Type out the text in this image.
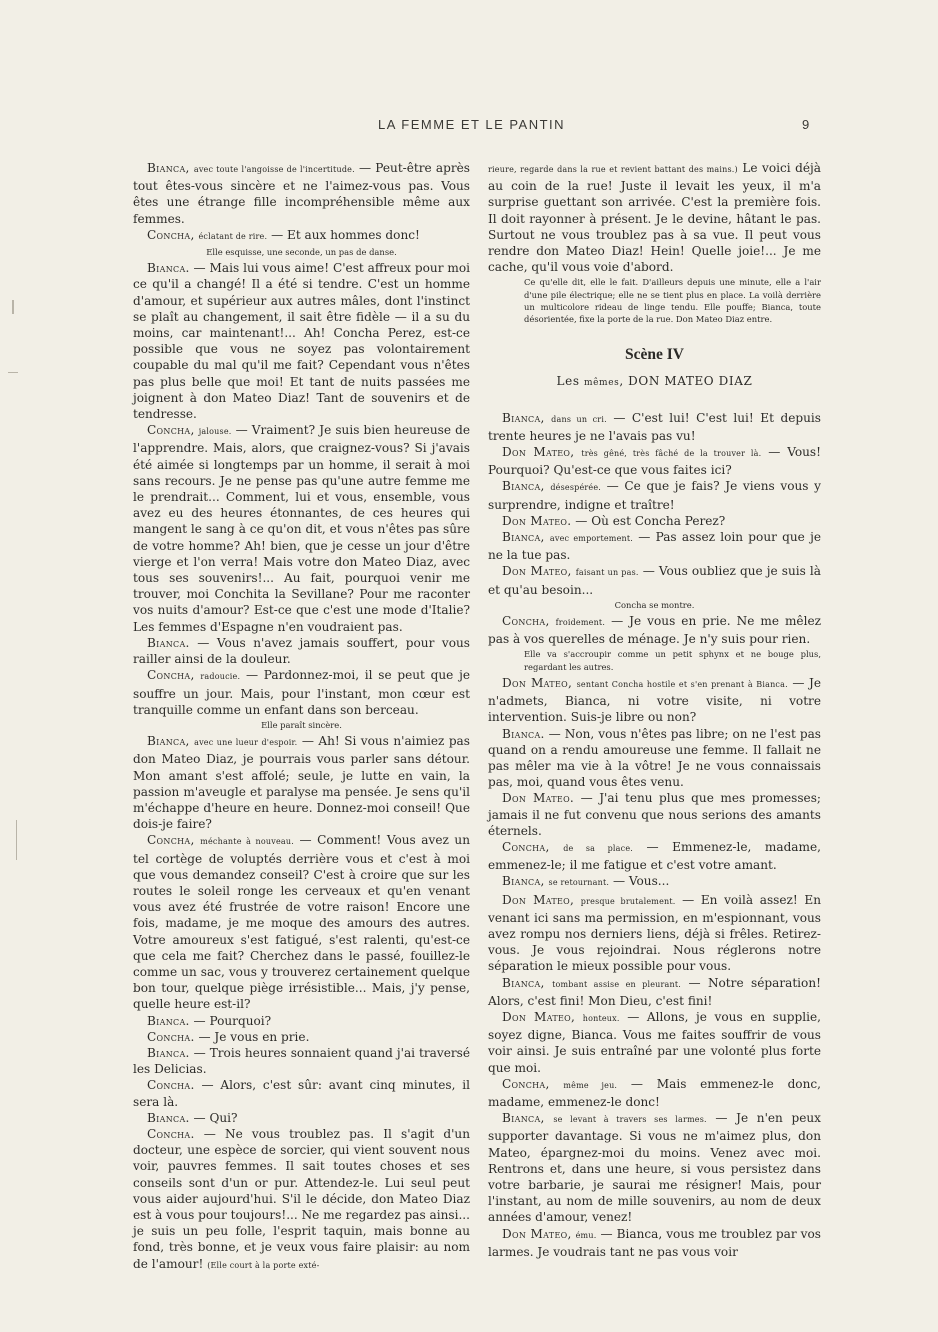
LA FEMME ET LE PANTIN	9

Bianca, avec toute l'angoisse de l'incertitude. — Peut-être après tout êtes-vous sincère et ne l'aimez-vous pas. Vous êtes une étrange fille incompréhensible même aux femmes.

Concha, éclatant de rire. — Et aux hommes donc!

Elle esquisse, une seconde, un pas de danse.

Bianca. — Mais lui vous aime! C'est affreux pour moi ce qu'il a changé! Il a été si tendre. C'est un homme d'amour, et supérieur aux autres mâles, dont l'instinct se plaît au changement, il sait être fidèle — il a su du moins, car maintenant!... Ah! Concha Perez, est-ce possible que vous ne soyez pas volontairement coupable du mal qu'il me fait? Cependant vous n'êtes pas plus belle que moi! Et tant de nuits passées me joignent à don Mateo Diaz! Tant de souvenirs et de tendresse.

Concha, jalouse. — Vraiment? Je suis bien heureuse de l'apprendre. Mais, alors, que craignez-vous? Si j'avais été aimée si longtemps par un homme, il serait à moi sans recours. Je ne pense pas qu'une autre femme me le prendrait... Comment, lui et vous, ensemble, vous avez eu des heures étonnantes, de ces heures qui mangent le sang à ce qu'on dit, et vous n'êtes pas sûre de votre homme? Ah! bien, que je cesse un jour d'être vierge et l'on verra! Mais votre don Mateo Diaz, avec tous ses souvenirs!... Au fait, pourquoi venir me trouver, moi Conchita la Sevillane? Pour me raconter vos nuits d'amour? Est-ce que c'est une mode d'Italie? Les femmes d'Espagne n'en voudraient pas.

Bianca. — Vous n'avez jamais souffert, pour vous railler ainsi de la douleur.

Concha, radoucie. — Pardonnez-moi, il se peut que je souffre un jour. Mais, pour l'instant, mon cœur est tranquille comme un enfant dans son berceau.

Elle paraît sincère.

Bianca, avec une lueur d'espoir. — Ah! Si vous n'aimiez pas don Mateo Diaz, je pourrais vous parler sans détour. Mon amant s'est affolé; seule, je lutte en vain, la passion m'aveugle et paralyse ma pensée. Je sens qu'il m'échappe d'heure en heure. Donnez-moi conseil! Que dois-je faire?

Concha, méchante à nouveau. — Comment! Vous avez un tel cortège de voluptés derrière vous et c'est à moi que vous demandez conseil? C'est à croire que sur les routes le soleil ronge les cerveaux et qu'en venant vous avez été frustrée de votre raison! Encore une fois, madame, je me moque des amours des autres. Votre amoureux s'est fatigué, s'est ralenti, qu'est-ce que cela me fait? Cherchez dans le passé, fouillez-le comme un sac, vous y trouverez certainement quelque bon tour, quelque piège irrésistible... Mais, j'y pense, quelle heure est-il?

Bianca. — Pourquoi?

Concha. — Je vous en prie.

Bianca. — Trois heures sonnaient quand j'ai traversé les Delicias.

Concha. — Alors, c'est sûr: avant cinq minutes, il sera là.

Bianca. — Qui?

Concha. — Ne vous troublez pas. Il s'agit d'un docteur, une espèce de sorcier, qui vient souvent nous voir, pauvres femmes. Il sait toutes choses et ses conseils sont d'un or pur. Attendez-le. Lui seul peut vous aider aujourd'hui. S'il le décide, don Mateo Diaz est à vous pour toujours!... Ne me regardez pas ainsi... je suis un peu folle, l'esprit taquin, mais bonne au fond, très bonne, et je veux vous faire plaisir: au nom de l'amour! (Elle court à la porte exté-

rieure, regarde dans la rue et revient battant des mains.) Le voici déjà au coin de la rue! Juste il levait les yeux, il m'a surprise guettant son arrivée. C'est la première fois. Il doit rayonner à présent. Je le devine, hâtant le pas. Surtout ne vous troublez pas à sa vue. Il peut vous rendre don Mateo Diaz! Hein! Quelle joie!... Je me cache, qu'il vous voie d'abord.

Ce qu'elle dit, elle le fait. D'ailleurs depuis une minute, elle a l'air d'une pile électrique; elle ne se tient plus en place. La voilà derrière un multicolore rideau de linge tendu. Elle pouffe; Bianca, toute désorientée, fixe la porte de la rue. Don Mateo Diaz entre.

Scène IV

Les mêmes, DON MATEO DIAZ

Bianca, dans un cri. — C'est lui! C'est lui! Et depuis trente heures je ne l'avais pas vu!

Don Mateo, très gêné, très fâché de la trouver là. — Vous! Pourquoi? Qu'est-ce que vous faites ici?

Bianca, désespérée. — Ce que je fais? Je viens vous y surprendre, indigne et traître!

Don Mateo. — Où est Concha Perez?

Bianca, avec emportement. — Pas assez loin pour que je ne la tue pas.

Don Mateo, faisant un pas. — Vous oubliez que je suis là et qu'au besoin...

Concha se montre.

Concha, froidement. — Je vous en prie. Ne me mêlez pas à vos querelles de ménage. Je n'y suis pour rien.

Elle va s'accroupir comme un petit sphynx et ne bouge plus, regardant les autres.

Don Mateo, sentant Concha hostile et s'en prenant à Bianca. — Je n'admets, Bianca, ni votre visite, ni votre intervention. Suis-je libre ou non?

Bianca. — Non, vous n'êtes pas libre; on ne l'est pas quand on a rendu amoureuse une femme. Il fallait ne pas mêler ma vie à la vôtre! Je ne vous connaissais pas, moi, quand vous êtes venu.

Don Mateo. — J'ai tenu plus que mes promesses; jamais il ne fut convenu que nous serions des amants éternels.

Concha, de sa place. — Emmenez-le, madame, emmenez-le; il me fatigue et c'est votre amant.

Bianca, se retournant. — Vous...

Don Mateo, presque brutalement. — En voilà assez! En venant ici sans ma permission, en m'espionnant, vous avez rompu nos derniers liens, déjà si frêles. Retirez-vous. Je vous rejoindrai. Nous réglerons notre séparation le mieux possible pour vous.

Bianca, tombant assise en pleurant. — Notre séparation! Alors, c'est fini! Mon Dieu, c'est fini!

Don Mateo, honteux. — Allons, je vous en supplie, soyez digne, Bianca. Vous me faites souffrir de vous voir ainsi. Je suis entraîné par une volonté plus forte que moi.

Concha, même jeu. — Mais emmenez-le donc, madame, emmenez-le donc!

Bianca, se levant à travers ses larmes. — Je n'en peux supporter davantage. Si vous ne m'aimez plus, don Mateo, épargnez-moi du moins. Venez avec moi. Rentrons et, dans une heure, si vous persistez dans votre barbarie, je saurai me résigner! Mais, pour l'instant, au nom de mille souvenirs, au nom de deux années d'amour, venez!

Don Mateo, ému. — Bianca, vous me troublez par vos larmes. Je voudrais tant ne pas vous voir
